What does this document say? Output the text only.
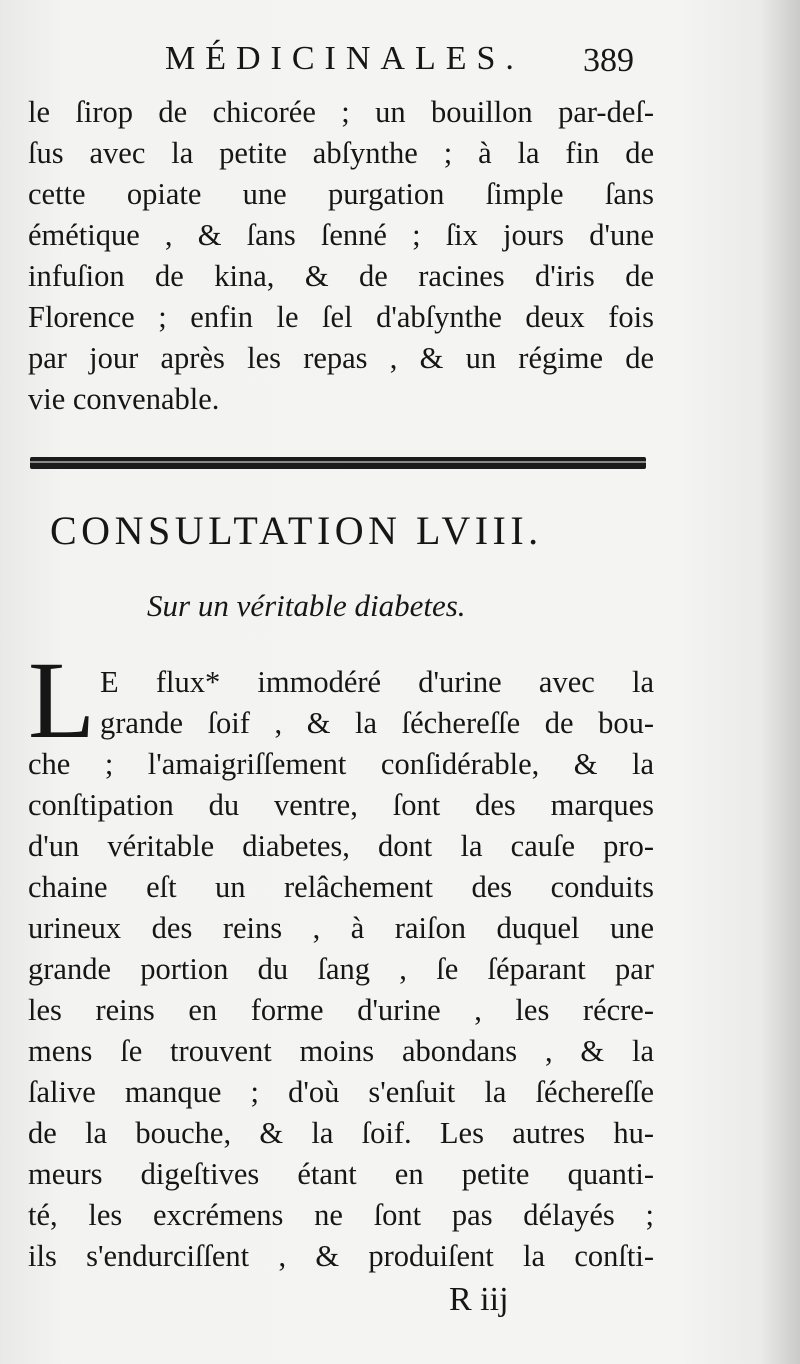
MÉDICINALES. 389
le ſirop de chicorée ; un bouillon par-deſ-
ſus avec la petite abſynthe ; à la fin de
cette opiate une purgation ſimple ſans
émétique , & ſans ſenné ; ſix jours d'une
infuſion de kina, & de racines d'iris de
Florence ; enfin le ſel d'abſynthe deux fois
par jour après les repas , & un régime de
vie convenable.
CONSULTATION LVIII.
Sur un véritable diabetes.
L E flux* immodéré d'urine avec la
grande ſoif , & la ſécherеſſe de bou-
che ; l'amaigriſſement conſidérable, & la
conſtipation du ventre, ſont des marques
d'un véritable diabetes, dont la cauſe pro-
chaine eſt un relâchement des conduits
urineux des reins , à raiſon duquel une
grande portion du ſang , ſe ſéparant par
les reins en forme d'urine , les récre-
mens ſe trouvent moins abondans , & la
ſalive manque ; d'où s'enſuit la ſécherеſſe
de la bouche, & la ſoif. Les autres hu-
meurs digeſtives étant en petite quanti-
té, les excrémens ne ſont pas délayés ;
ils s'endurciſſent , & produiſent la conſti-
R iij
